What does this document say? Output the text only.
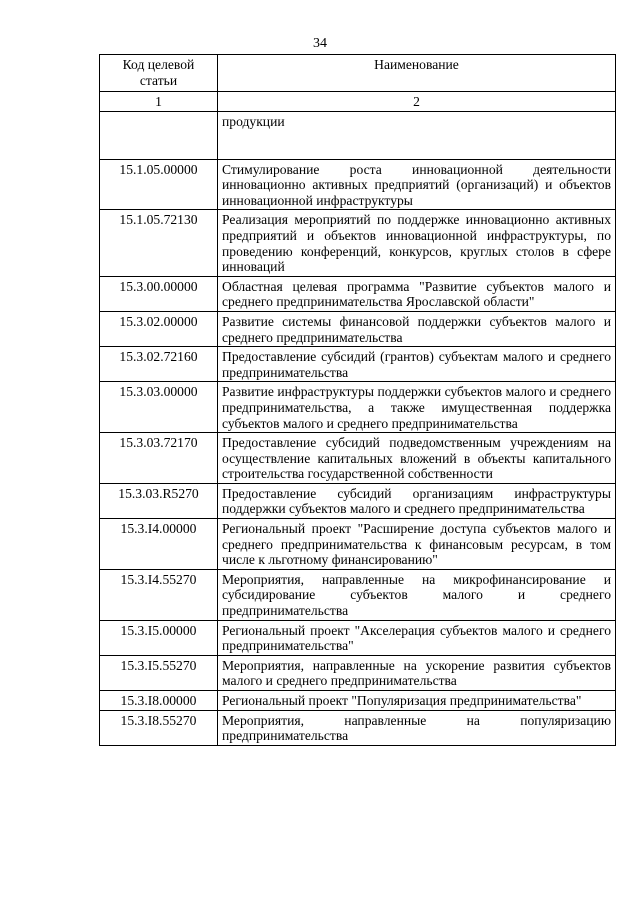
34
Код целевой
статьи	Наименование
1	2
	продукции
15.1.05.00000	Стимулирование роста инновационной деятельности инновационно активных предприятий (организаций) и объектов инновационной инфраструктуры
15.1.05.72130	Реализация мероприятий по поддержке инновационно активных предприятий и объектов инновационной инфраструктуры, по проведению конференций, конкурсов, круглых столов в сфере инноваций
15.3.00.00000	Областная целевая программа "Развитие субъектов малого и среднего предпринимательства Ярославской области"
15.3.02.00000	Развитие системы финансовой поддержки субъектов малого и среднего предпринимательства
15.3.02.72160	Предоставление субсидий (грантов) субъектам малого и среднего предпринимательства
15.3.03.00000	Развитие инфраструктуры поддержки субъектов малого и среднего предпринимательства, а также имущественная поддержка субъектов малого и среднего предпринимательства
15.3.03.72170	Предоставление субсидий подведомственным учреждениям на осуществление капитальных вложений в объекты капитального строительства государственной собственности
15.3.03.R5270	Предоставление субсидий организациям инфраструктуры поддержки субъектов малого и среднего предпринимательства
15.3.I4.00000	Региональный проект "Расширение доступа субъектов малого и среднего предпринимательства к финансовым ресурсам, в том числе к льготному финансированию"
15.3.I4.55270	Мероприятия, направленные на микрофинансирование и субсидирование субъектов малого и среднего предпринимательства
15.3.I5.00000	Региональный проект "Акселерация субъектов малого и среднего предпринимательства"
15.3.I5.55270	Мероприятия, направленные на ускорение развития субъектов малого и среднего предпринимательства
15.3.I8.00000	Региональный проект "Популяризация предпринимательства"
15.3.I8.55270	Мероприятия, направленные на популяризацию предпринимательства
